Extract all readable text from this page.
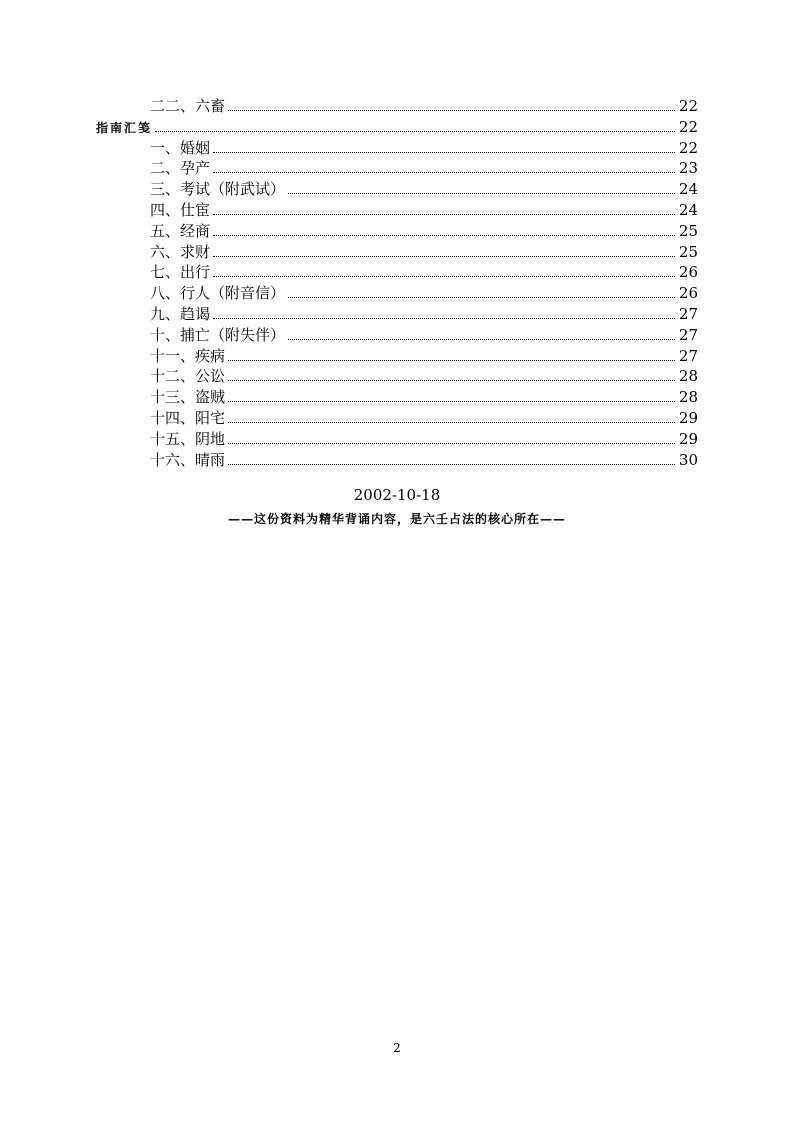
二二、六畜	22
指南汇笺	22
一、婚姻	22
二、孕产	23
三、考试（附武试）	24
四、仕宦	24
五、经商	25
六、求财	25
七、出行	26
八、行人（附音信）	26
九、趋谒	27
十、捕亡（附失伴）	27
十一、疾病	27
十二、公讼	28
十三、盗贼	28
十四、阳宅	29
十五、阴地	29
十六、晴雨	30
2002-10-18
——这份资料为精华背诵内容，是六壬占法的核心所在——
2
